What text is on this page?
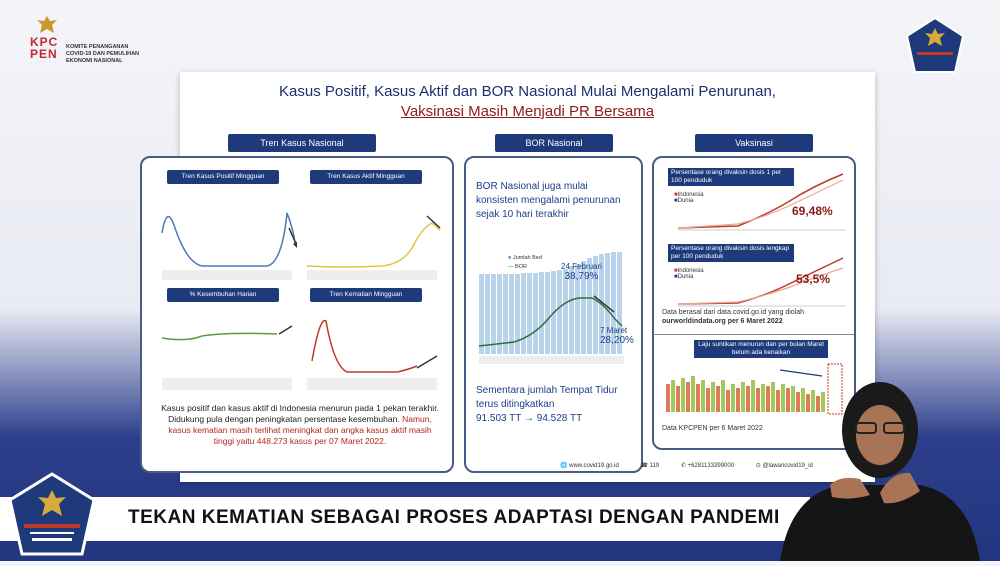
KPC
PEN KOMITE PENANGANAN
COVID-19 DAN PEMULIHAN
EKONOMI NASIONAL
Kasus Positif, Kasus Aktif dan BOR Nasional Mulai Mengalami Penurunan,
Vaksinasi Masih Menjadi PR Bersama
Tren Kasus Nasional	BOR Nasional	Vaksinasi
Tren Kasus Positif Mingguan	Tren Kasus Aktif Mingguan
% Kesembuhan Harian	Tren Kematian Mingguan
Kasus positif dan kasus aktif di Indonesia menurun pada 1 pekan terakhir. Didukung pula dengan peningkatan persentase kesembuhan. Namun, kasus kematian masih terlihat meningkat dan angka kasus aktif masih tinggi yaitu 448.273 kasus per 07 Maret 2022.
BOR Nasional juga mulai konsisten mengalami penurunan sejak 10 hari terakhir
■ Jumlah Bed
— BOR	24 Februari
38,79%
7 Maret
28,20%
Sementara jumlah Tempat Tidur terus ditingkatkan
91.503 TT → 94.528 TT
Persentase orang divaksin dosis 1 per 100 penduduk
■Indonesia
■Dunia
69,48%
Persentase orang divaksin dosis lengkap per 100 penduduk
■Indonesia
■Dunia	53,5%
Data berasal dari data.covid.go.id yang diolah
ourworldindata.org per 6 Maret 2022
Laju suntikan menurun dan per bulan Maret belum ada kenaikan
Data KPCPEN per 6 Maret 2022
🌐 www.covid19.go.id	☎ 119	✆ +6281133399000	⊙ @lawancovid19_id
TEKAN KEMATIAN SEBAGAI PROSES ADAPTASI DENGAN PANDEMI
